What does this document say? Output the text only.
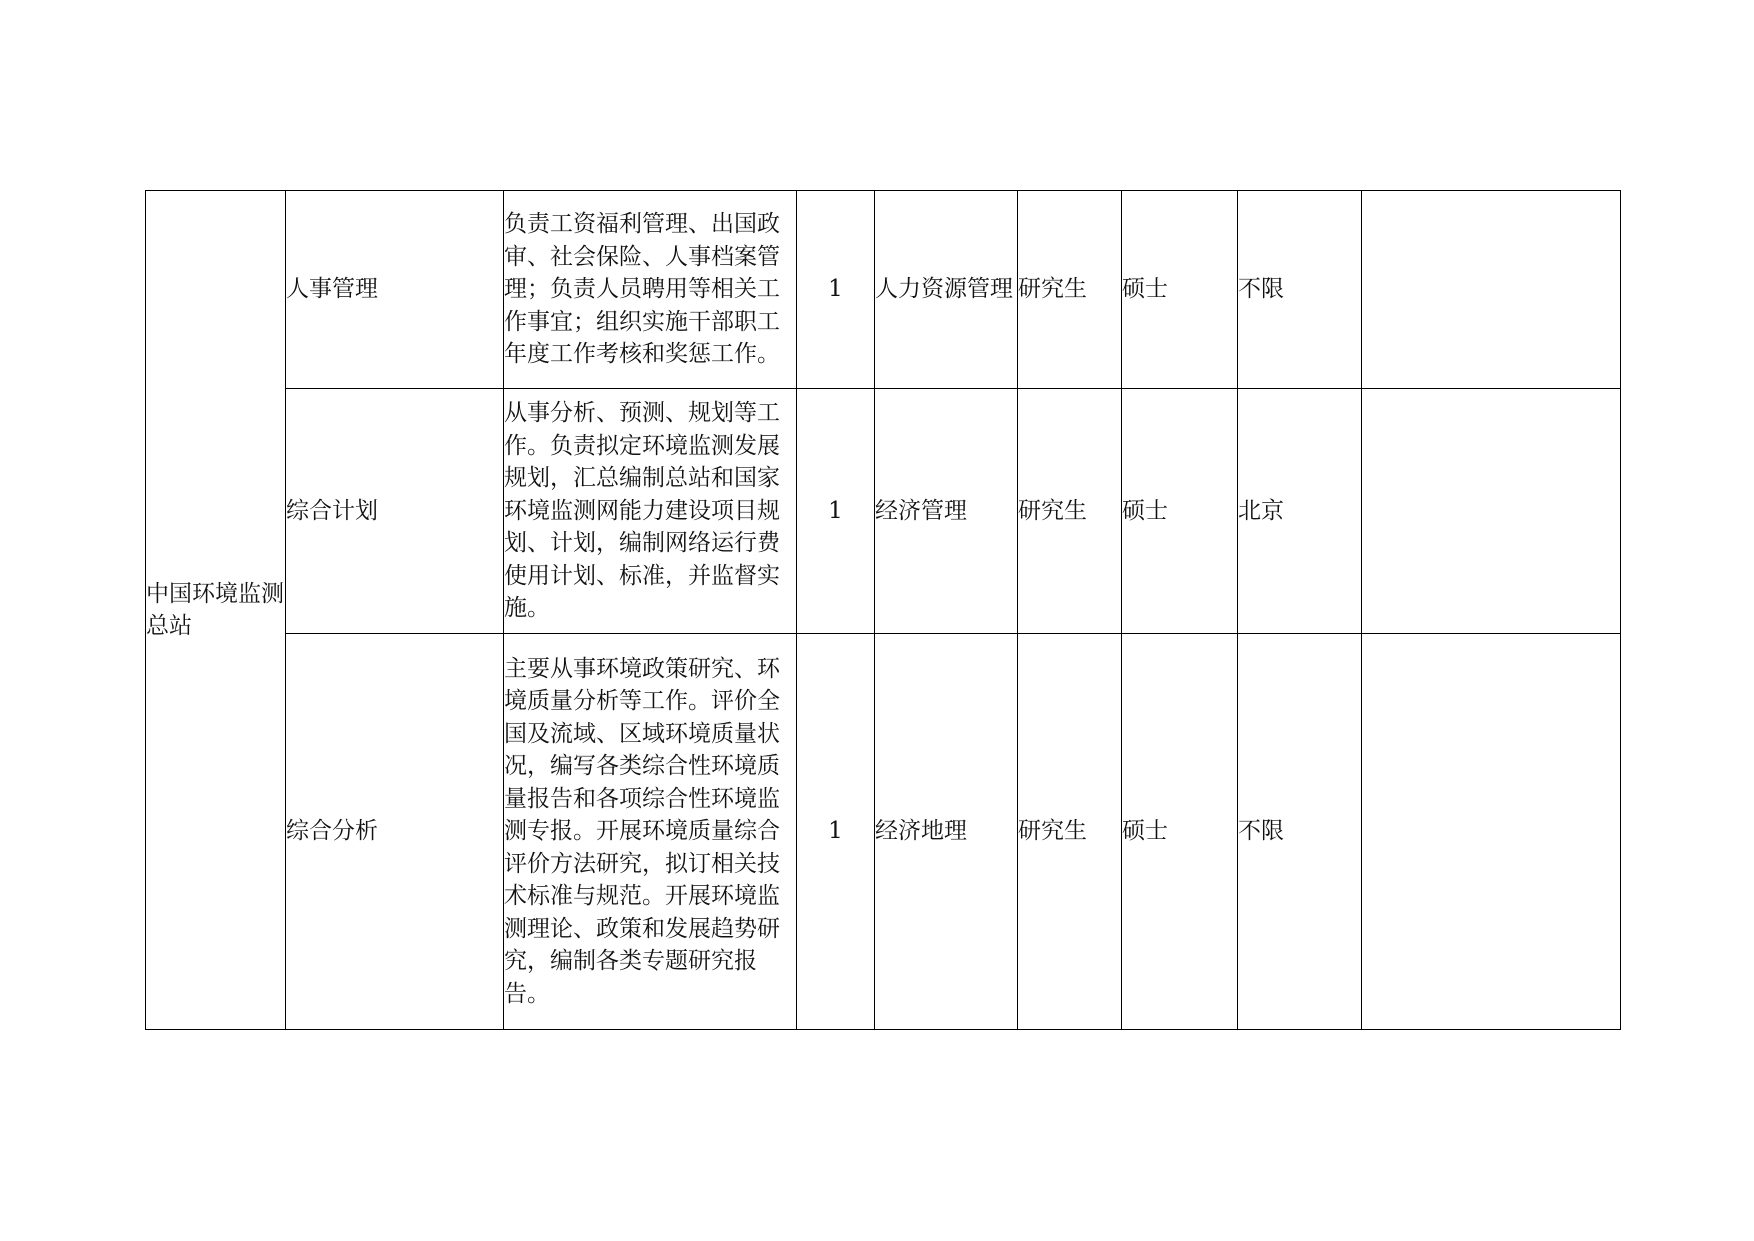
中国环境监测总站	人事管理	负责工资福利管理、出国政审、社会保险、人事档案管理；负责人员聘用等相关工作事宜；组织实施干部职工年度工作考核和奖惩工作。	1	人力资源管理	研究生	硕士	不限	
	综合计划	从事分析、预测、规划等工作。负责拟定环境监测发展规划，汇总编制总站和国家环境监测网能力建设项目规划、计划，编制网络运行费使用计划、标准，并监督实施。	1	经济管理	研究生	硕士	北京	
	综合分析	主要从事环境政策研究、环境质量分析等工作。评价全国及流域、区域环境质量状况，编写各类综合性环境质量报告和各项综合性环境监测专报。开展环境质量综合评价方法研究，拟订相关技术标准与规范。开展环境监测理论、政策和发展趋势研究，编制各类专题研究报告。	1	经济地理	研究生	硕士	不限	
